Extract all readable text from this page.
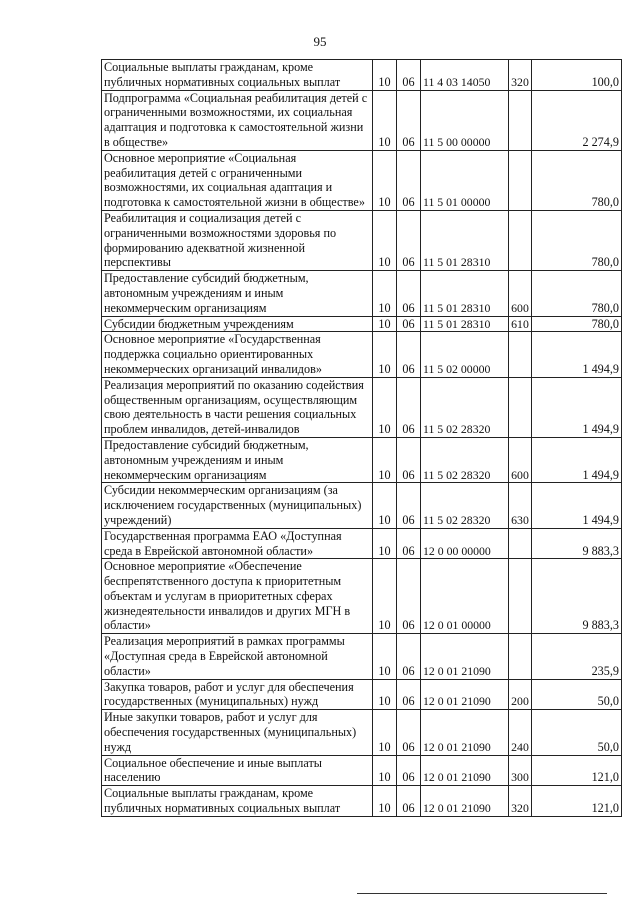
95
Социальные выплаты гражданам, кроме публичных нормативных социальных выплат	10	06	11 4 03 14050	320	100,0
Подпрограмма «Социальная реабилитация детей с ограниченными возможностями, их социальная адаптация и подготовка к самостоятельной жизни в обществе»	10	06	11 5 00 00000		2 274,9
Основное мероприятие «Социальная реабилитация детей с ограниченными возможностями, их социальная адаптация и подготовка к самостоятельной жизни в обществе»	10	06	11 5 01 00000		780,0
Реабилитация и социализация детей с ограниченными возможностями здоровья по формированию адекватной жизненной перспективы	10	06	11 5 01 28310		780,0
Предоставление субсидий бюджетным, автономным учреждениям и иным некоммерческим организациям	10	06	11 5 01 28310	600	780,0
Субсидии бюджетным учреждениям	10	06	11 5 01 28310	610	780,0
Основное мероприятие «Государственная поддержка социально ориентированных некоммерческих организаций инвалидов»	10	06	11 5 02 00000		1 494,9
Реализация мероприятий по оказанию содействия общественным организациям, осуществляющим свою деятельность в части решения социальных проблем инвалидов, детей-инвалидов	10	06	11 5 02 28320		1 494,9
Предоставление субсидий бюджетным, автономным учреждениям и иным некоммерческим организациям	10	06	11 5 02 28320	600	1 494,9
Субсидии некоммерческим организациям (за исключением государственных (муниципальных) учреждений)	10	06	11 5 02 28320	630	1 494,9
Государственная программа ЕАО «Доступная среда в Еврейской автономной области»	10	06	12 0 00 00000		9 883,3
Основное мероприятие «Обеспечение беспрепятственного доступа к приоритетным объектам и услугам в приоритетных сферах жизнедеятельности инвалидов и других МГН в области»	10	06	12 0 01 00000		9 883,3
Реализация мероприятий в рамках программы «Доступная среда в Еврейской автономной области»	10	06	12 0 01 21090		235,9
Закупка товаров, работ и услуг для обеспечения государственных (муниципальных) нужд	10	06	12 0 01 21090	200	50,0
Иные закупки товаров, работ и услуг для обеспечения государственных (муниципальных) нужд	10	06	12 0 01 21090	240	50,0
Социальное обеспечение и иные выплаты населению	10	06	12 0 01 21090	300	121,0
Социальные выплаты гражданам, кроме публичных нормативных социальных выплат	10	06	12 0 01 21090	320	121,0
